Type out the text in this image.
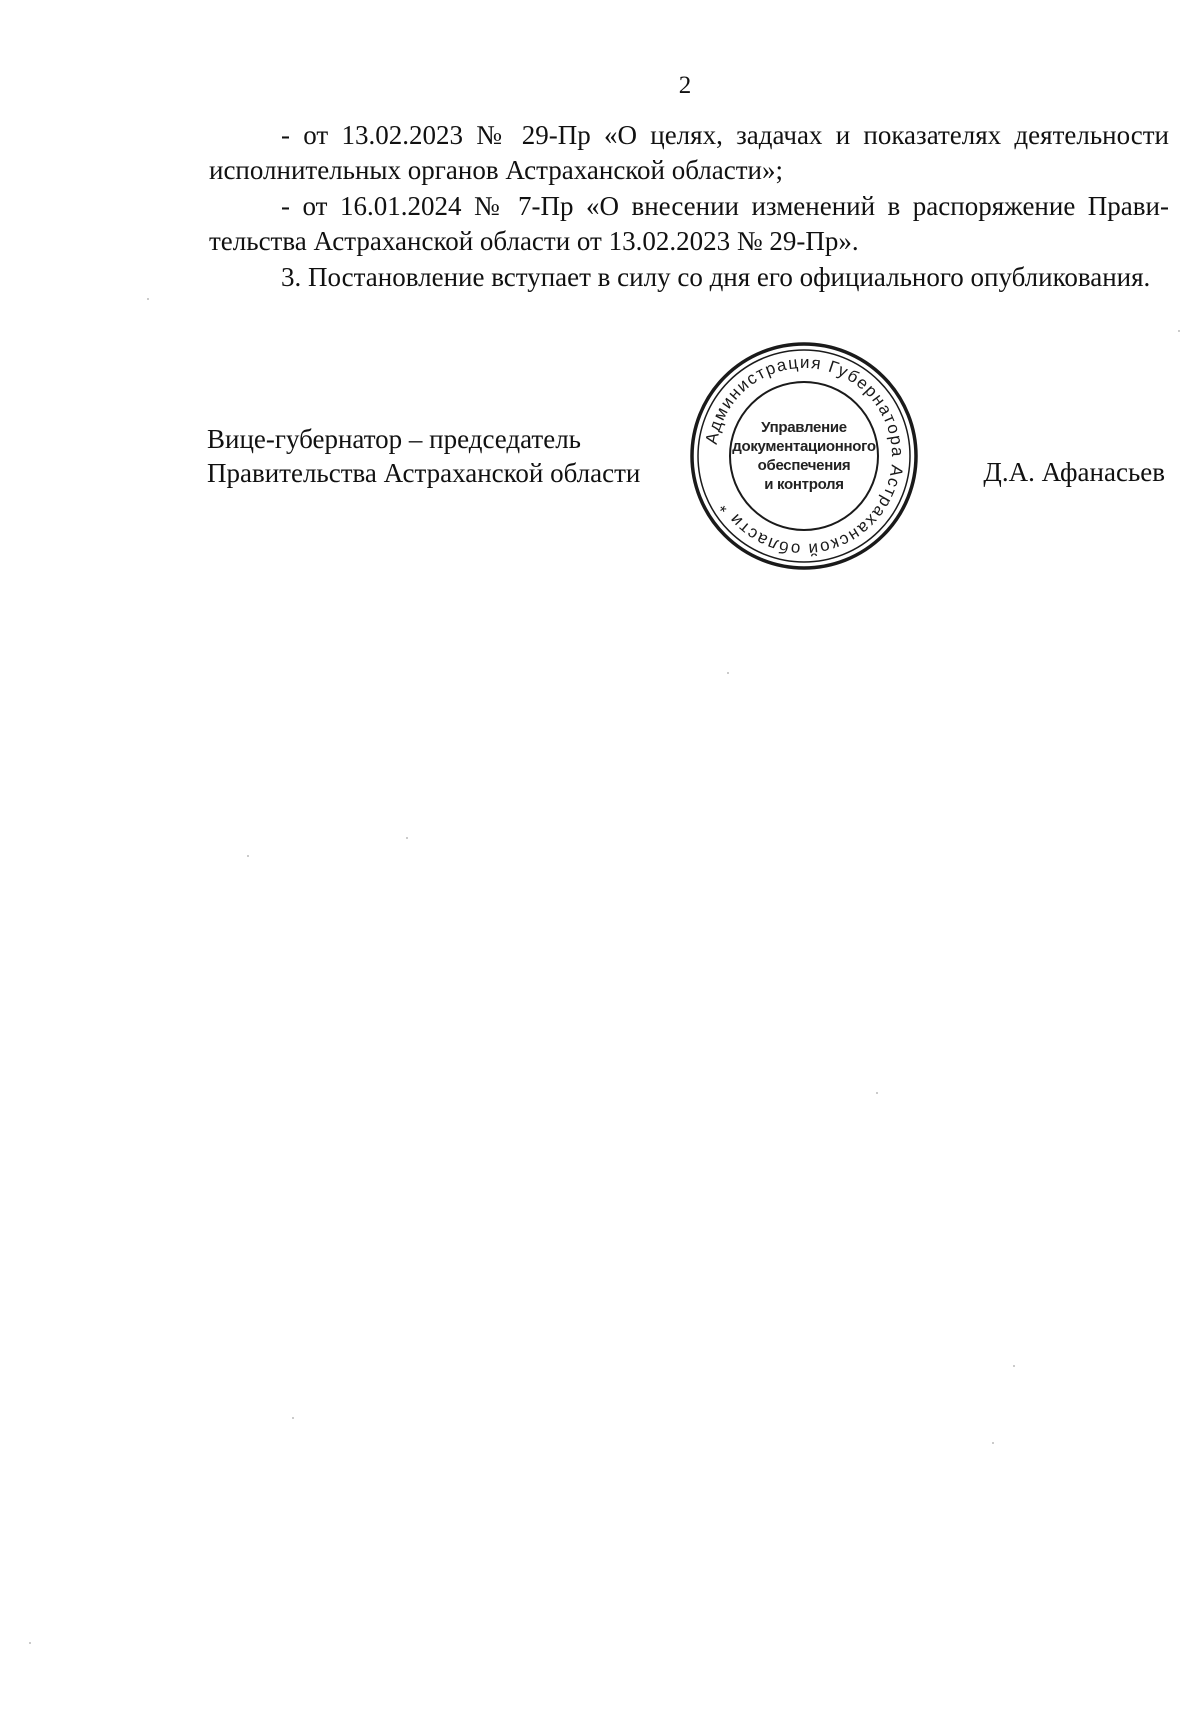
2

- от 13.02.2023 № 29-Пр «О целях, задачах и показателях деятельности исполнительных органов Астраханской области»;

- от 16.01.2024 № 7-Пр «О внесении изменений в распоряжение Правительства Астраханской области от 13.02.2023 № 29-Пр».

3. Постановление вступает в силу со дня его официального опубликования.

Вице-губернатор – председатель
Правительства Астраханской области
Администрация Губернатора Астраханской области *
Управление
документационного
обеспечения
и контроля	Д.А. Афанасьев
